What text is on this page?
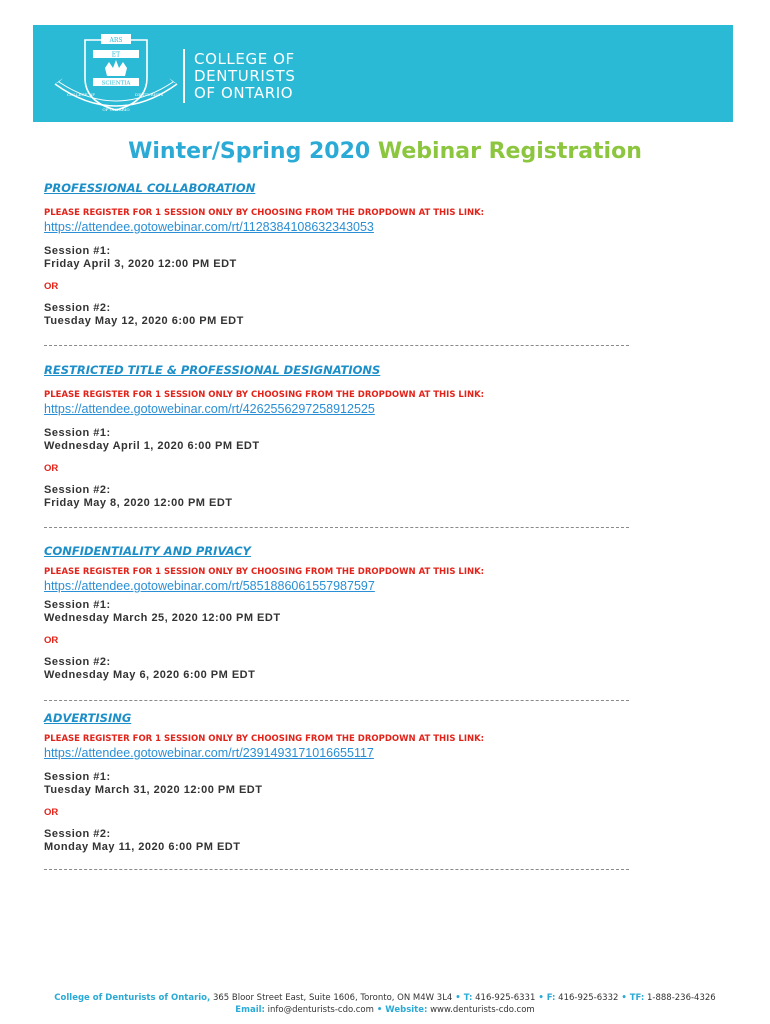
ARS
ET
SCIENTIA
COLLEGE OF	DENTURISTS
OF ONTARIO
COLLEGE OF
DENTURISTS
OF ONTARIO
Winter/Spring 2020 Webinar Registration
PROFESSIONAL COLLABORATION
PLEASE REGISTER FOR 1 SESSION ONLY BY CHOOSING FROM THE DROPDOWN AT THIS LINK:
https://attendee.gotowebinar.com/rt/1128384108632343053
Session #1:
Friday April 3, 2020 12:00 PM EDT
OR
Session #2:
Tuesday May 12, 2020 6:00 PM EDT
RESTRICTED TITLE & PROFESSIONAL DESIGNATIONS
PLEASE REGISTER FOR 1 SESSION ONLY BY CHOOSING FROM THE DROPDOWN AT THIS LINK:
https://attendee.gotowebinar.com/rt/4262556297258912525
Session #1:
Wednesday April 1, 2020 6:00 PM EDT
OR
Session #2:
Friday May 8, 2020 12:00 PM EDT
CONFIDENTIALITY AND PRIVACY
PLEASE REGISTER FOR 1 SESSION ONLY BY CHOOSING FROM THE DROPDOWN AT THIS LINK:
https://attendee.gotowebinar.com/rt/5851886061557987597
Session #1:
Wednesday March 25, 2020 12:00 PM EDT
OR
Session #2:
Wednesday May 6, 2020 6:00 PM EDT
ADVERTISING
PLEASE REGISTER FOR 1 SESSION ONLY BY CHOOSING FROM THE DROPDOWN AT THIS LINK:
https://attendee.gotowebinar.com/rt/2391493171016655117
Session #1:
Tuesday March 31, 2020 12:00 PM EDT
OR
Session #2:
Monday May 11, 2020 6:00 PM EDT
College of Denturists of Ontario, 365 Bloor Street East, Suite 1606, Toronto, ON M4W 3L4 • T: 416-925-6331 • F: 416-925-6332 • TF: 1-888-236-4326
Email: info@denturists-cdo.com • Website: www.denturists-cdo.com
